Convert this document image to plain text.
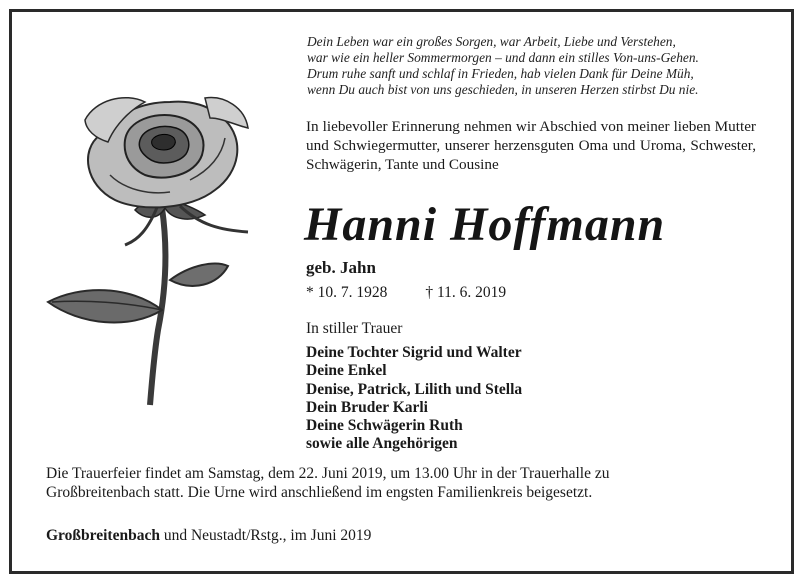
Dein Leben war ein großes Sorgen, war Arbeit, Liebe und Verstehen,
war wie ein heller Sommermorgen – und dann ein stilles Von-uns-Gehen.
Drum ruhe sanft und schlaf in Frieden, hab vielen Dank für Deine Müh,
wenn Du auch bist von uns geschieden, in unseren Herzen stirbst Du nie.
In liebevoller Erinnerung nehmen wir Abschied von meiner lieben Mutter und Schwiegermutter, unserer herzensguten Oma und Uroma, Schwester, Schwägerin, Tante und Cousine
Hanni Hoffmann
geb. Jahn
* 10. 7. 1928 † 11. 6. 2019
In stiller Trauer
Deine Tochter Sigrid und Walter
Deine Enkel
Denise, Patrick, Lilith und Stella
Dein Bruder Karli
Deine Schwägerin Ruth
sowie alle Angehörigen
Die Trauerfeier findet am Samstag, dem 22. Juni 2019, um 13.00 Uhr in der Trauerhalle zu
Großbreitenbach statt. Die Urne wird anschließend im engsten Familienkreis beigesetzt.
Großbreitenbach und Neustadt/Rstg., im Juni 2019
